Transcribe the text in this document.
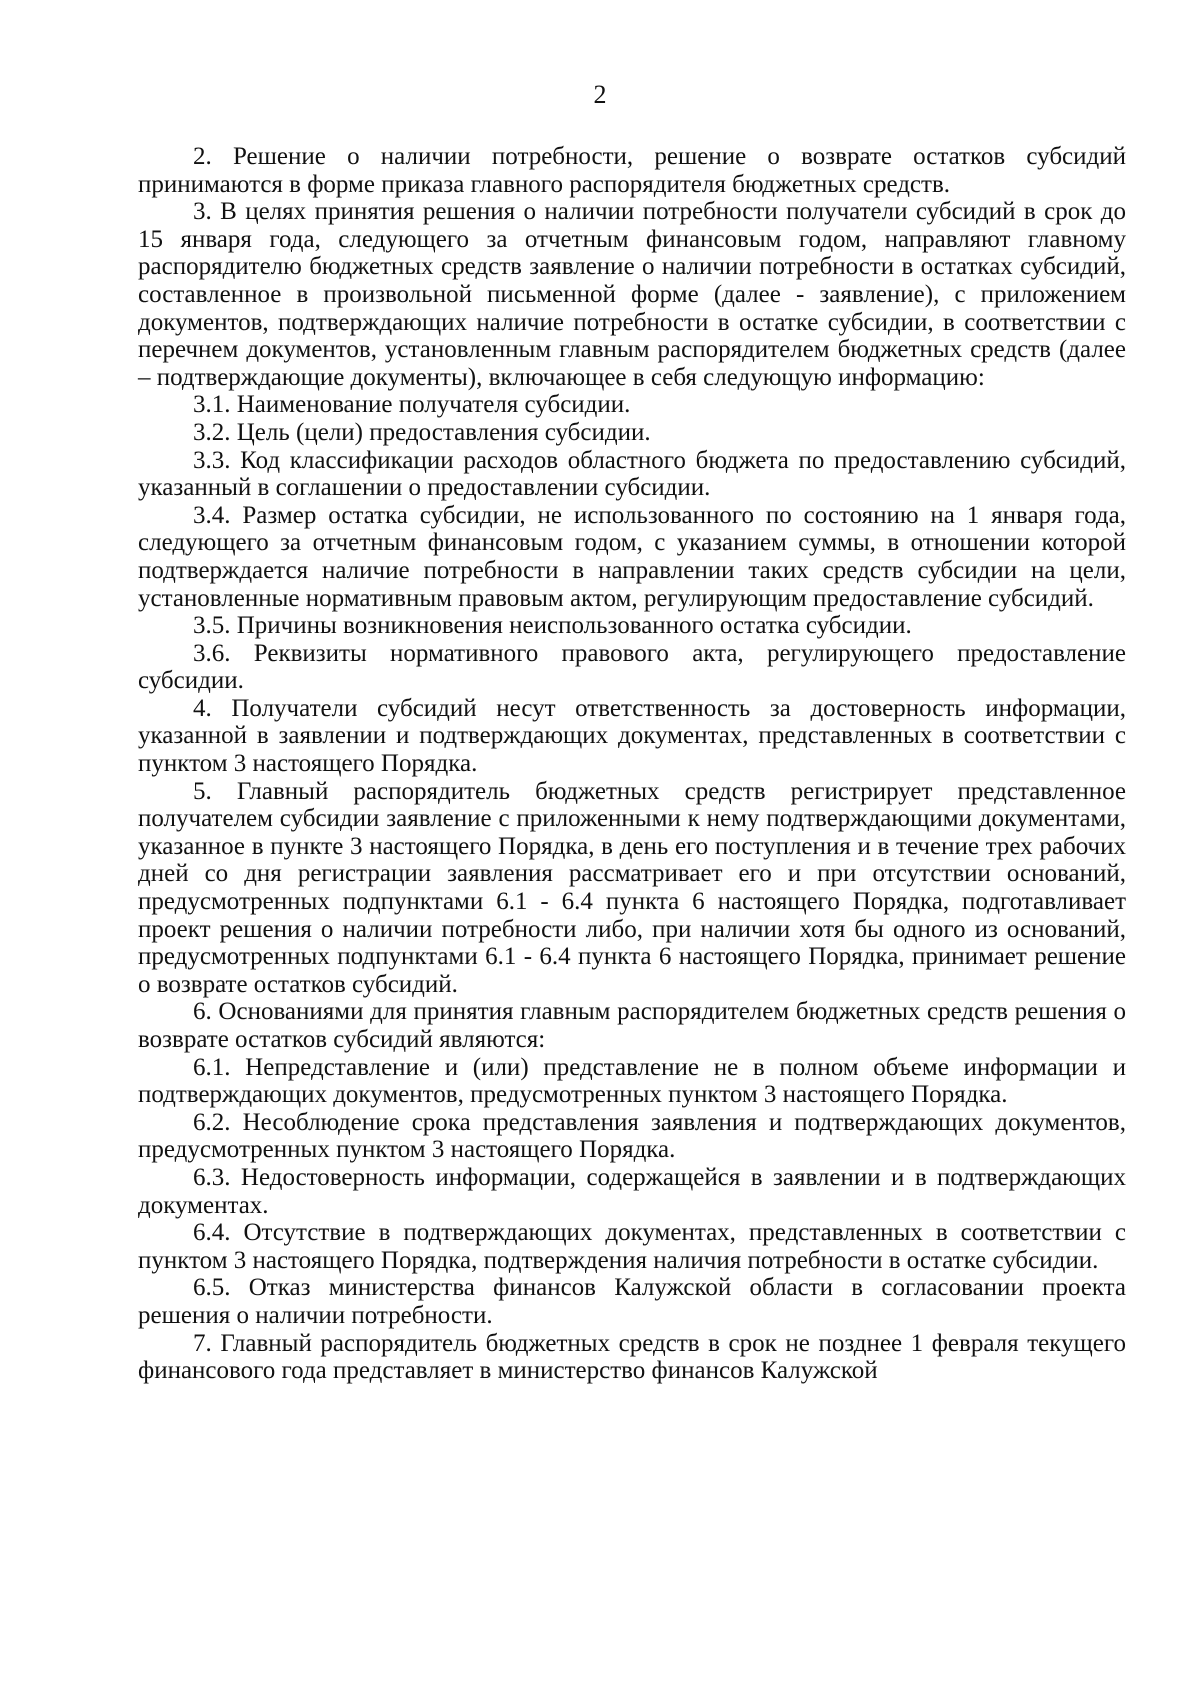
2

2. Решение о наличии потребности, решение о возврате остатков субсидий принимаются в форме приказа главного распорядителя бюджетных средств.

3. В целях принятия решения о наличии потребности получатели субсидий в срок до 15 января года, следующего за отчетным финансовым годом, направляют главному распорядителю бюджетных средств заявление о наличии потребности в остатках субсидий, составленное в произвольной письменной форме (далее - заявление), с приложением документов, подтверждающих наличие потребности в остатке субсидии, в соответствии с перечнем документов, установленным главным распорядителем бюджетных средств (далее – подтверждающие документы), включающее в себя следующую информацию:

3.1. Наименование получателя субсидии.

3.2. Цель (цели) предоставления субсидии.

3.3. Код классификации расходов областного бюджета по предоставлению субсидий, указанный в соглашении о предоставлении субсидии.

3.4. Размер остатка субсидии, не использованного по состоянию на 1 января года, следующего за отчетным финансовым годом, с указанием суммы, в отношении которой подтверждается наличие потребности в направлении таких средств субсидии на цели, установленные нормативным правовым актом, регулирующим предоставление субсидий.

3.5. Причины возникновения неиспользованного остатка субсидии.

3.6. Реквизиты нормативного правового акта, регулирующего предоставление субсидии.

4. Получатели субсидий несут ответственность за достоверность информации, указанной в заявлении и подтверждающих документах, представленных в соответствии с пунктом 3 настоящего Порядка.

5. Главный распорядитель бюджетных средств регистрирует представленное получателем субсидии заявление с приложенными к нему подтверждающими документами, указанное в пункте 3 настоящего Порядка, в день его поступления и в течение трех рабочих дней со дня регистрации заявления рассматривает его и при отсутствии оснований, предусмотренных подпунктами 6.1 - 6.4 пункта 6 настоящего Порядка, подготавливает проект решения о наличии потребности либо, при наличии хотя бы одного из оснований, предусмотренных подпунктами 6.1 - 6.4 пункта 6 настоящего Порядка, принимает решение о возврате остатков субсидий.

6. Основаниями для принятия главным распорядителем бюджетных средств решения о возврате остатков субсидий являются:

6.1. Непредставление и (или) представление не в полном объеме информации и подтверждающих документов, предусмотренных пунктом 3 настоящего Порядка.

6.2. Несоблюдение срока представления заявления и подтверждающих документов, предусмотренных пунктом 3 настоящего Порядка.

6.3. Недостоверность информации, содержащейся в заявлении и в подтверждающих документах.

6.4. Отсутствие в подтверждающих документах, представленных в соответствии с пунктом 3 настоящего Порядка, подтверждения наличия потребности в остатке субсидии.

6.5. Отказ министерства финансов Калужской области в согласовании проекта решения о наличии потребности.

7. Главный распорядитель бюджетных средств в срок не позднее 1 февраля текущего финансового года представляет в министерство финансов Калужской
